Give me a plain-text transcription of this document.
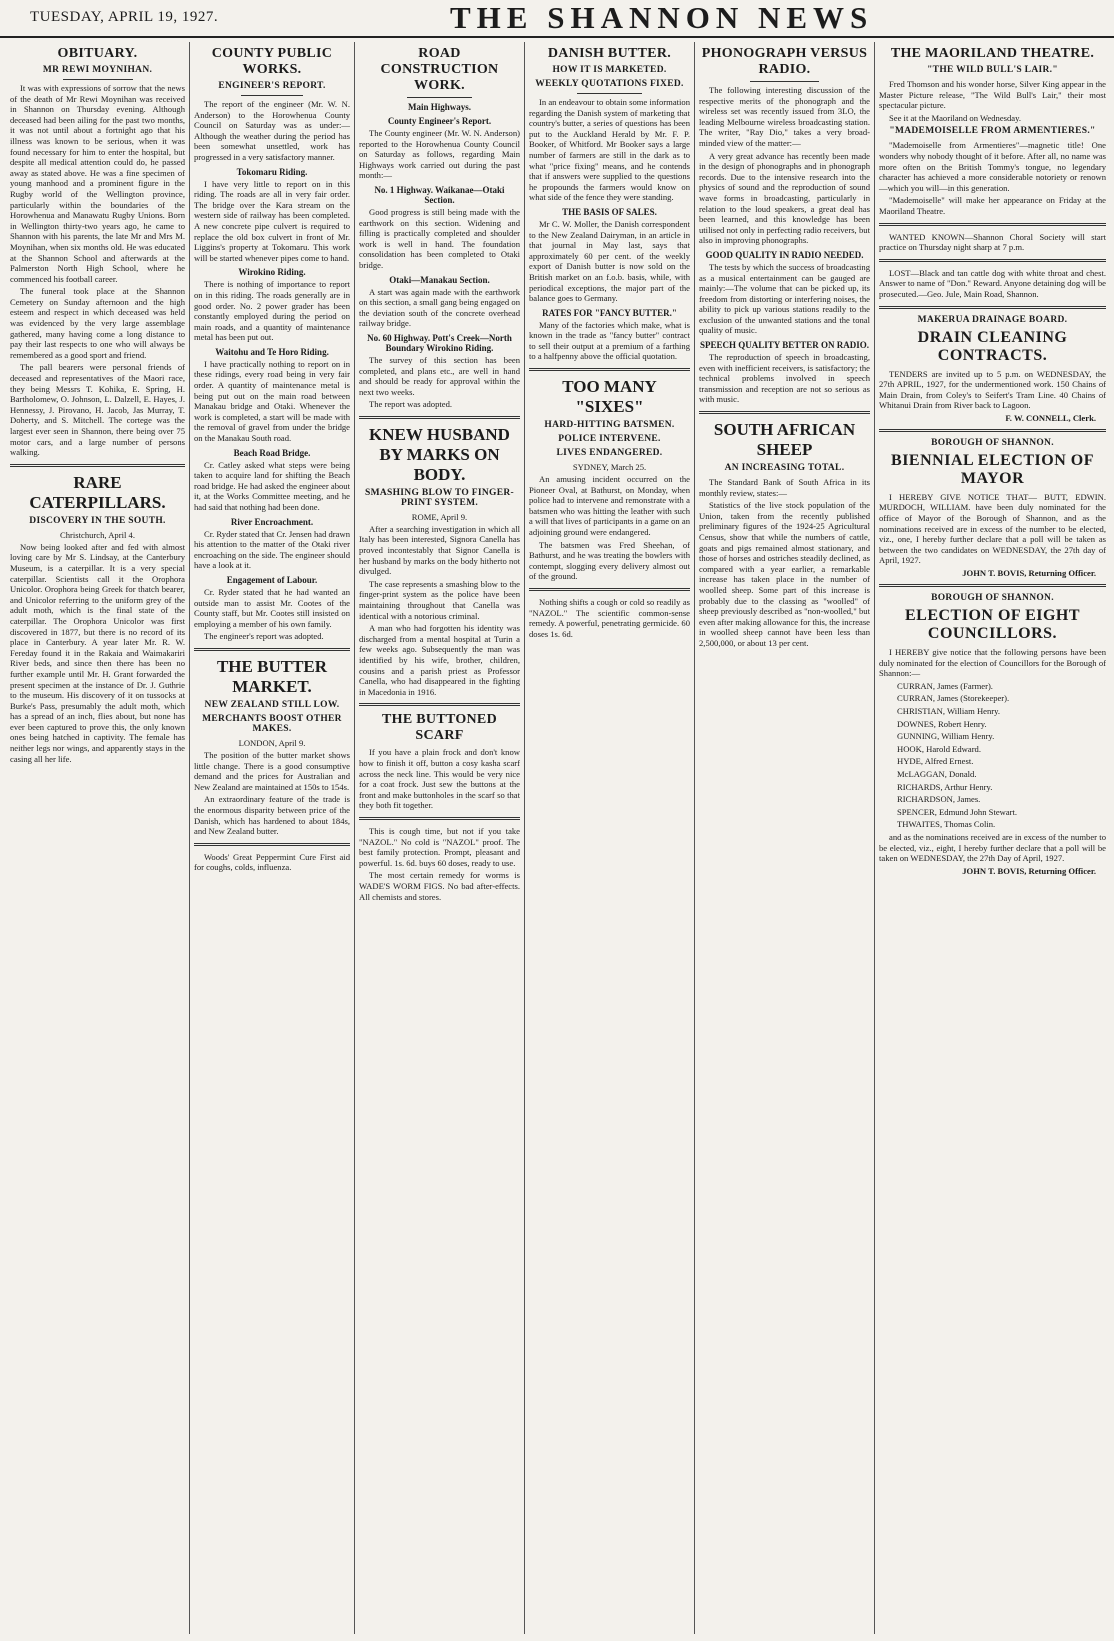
TUESDAY, APRIL 19, 1927.	THE SHANNON NEWS
OBITUARY.
MR REWI MOYNIHAN.

It was with expressions of sorrow that the news of the death of Mr Rewi Moynihan was received in Shannon on Thursday evening. Although deceased had been ailing for the past two months, it was not until about a fortnight ago that his illness was known to be serious, when it was found necessary for him to enter the hospital, but despite all medical attention could do, he passed away as stated above. He was a fine specimen of young manhood and a prominent figure in the Rugby world of the Wellington province, particularly within the boundaries of the Horowhenua and Manawatu Rugby Unions. Born in Wellington thirty-two years ago, he came to Shannon with his parents, the late Mr and Mrs M. Moynihan, when six months old. He was educated at the Shannon School and afterwards at the Palmerston North High School, where he commenced his football career.

The funeral took place at the Shannon Cemetery on Sunday afternoon and the high esteem and respect in which deceased was held was evidenced by the very large assemblage gathered, many having come a long distance to pay their last respects to one who will always be remembered as a good sport and friend.

The pall bearers were personal friends of deceased and representatives of the Maori race, they being Messrs T. Kohika, E. Spring, H. Bartholomew, O. Johnson, L. Dalzell, E. Hayes, J. Hennessy, J. Pirovano, H. Jacob, Jas Murray, T. Doherty, and S. Mitchell. The cortege was the largest ever seen in Shannon, there being over 75 motor cars, and a large number of persons walking.

RARE CATERPILLARS.
DISCOVERY IN THE SOUTH.
Christchurch, April 4.

Now being looked after and fed with almost loving care by Mr S. Lindsay, at the Canterbury Museum, is a caterpillar. It is a very special caterpillar. Scientists call it the Orophora Unicolor. Orophora being Greek for thatch bearer, and Unicolor referring to the uniform grey of the adult moth, which is the final state of the caterpillar. The Orophora Unicolor was first discovered in 1877, but there is no record of its place in Canterbury. A year later Mr. R. W. Fereday found it in the Rakaia and Waimakariri River beds, and since then there has been no further example until Mr. H. Grant forwarded the present specimen at the instance of Dr. J. Guthrie to the museum. His discovery of it on tussocks at Burke's Pass, presumably the adult moth, which has a spread of an inch, flies about, but none has ever been captured to prove this, the only known ones being hatched in captivity. The female has neither legs nor wings, and apparently stays in the casing all her life.

COUNTY PUBLIC WORKS.
ENGINEER'S REPORT.

The report of the engineer (Mr. W. N. Anderson) to the Horowhenua County Council on Saturday was as under:— Although the weather during the period has been somewhat unsettled, work has progressed in a very satisfactory manner.

Tokomaru Riding.

I have very little to report on in this riding. The roads are all in very fair order. The bridge over the Kara stream on the western side of railway has been completed. A new concrete pipe culvert is required to replace the old box culvert in front of Mr. Liggins's property at Tokomaru. This work will be started whenever pipes come to hand.

Wirokino Riding.

There is nothing of importance to report on in this riding. The roads generally are in good order. No. 2 power grader has been constantly employed during the period on main roads, and a quantity of maintenance metal has been put out.

Waitohu and Te Horo Riding.

I have practically nothing to report on in these ridings, every road being in very fair order. A quantity of maintenance metal is being put out on the main road between Manakau bridge and Otaki. Whenever the work is completed, a start will be made with the removal of gravel from under the bridge on the Manakau South road.

Beach Road Bridge.

Cr. Catley asked what steps were being taken to acquire land for shifting the Beach road bridge. He had asked the engineer about it, at the Works Committee meeting, and he had said that nothing had been done.

River Encroachment.

Cr. Ryder stated that Cr. Jensen had drawn his attention to the matter of the Otaki river encroaching on the side. The engineer should have a look at it.

Engagement of Labour.

Cr. Ryder stated that he had wanted an outside man to assist Mr. Cootes of the County staff, but Mr. Cootes still insisted on employing a member of his own family.

The engineer's report was adopted.

THE BUTTER MARKET.
NEW ZEALAND STILL LOW.
MERCHANTS BOOST OTHER MAKES.
LONDON, April 9.

The position of the butter market shows little change. There is a good consumptive demand and the prices for Australian and New Zealand are maintained at 150s to 154s.

An extraordinary feature of the trade is the enormous disparity between price of the Danish, which has hardened to about 184s, and New Zealand butter.

Woods' Great Peppermint Cure First aid for coughs, colds, influenza.

ROAD CONSTRUCTION WORK.
Main Highways.
County Engineer's Report.

The County engineer (Mr. W. N. Anderson) reported to the Horowhenua County Council on Saturday as follows, regarding Main Highways work carried out during the past month:—

No. 1 Highway. Waikanae—Otaki Section.

Good progress is still being made with the earthwork on this section. Widening and filling is practically completed and shoulder work is well in hand. The foundation consolidation has been completed to Otaki bridge.

Otaki—Manakau Section.

A start was again made with the earthwork on this section, a small gang being engaged on the deviation south of the concrete overhead railway bridge.

No. 60 Highway. Pott's Creek—North Boundary Wirokino Riding.

The survey of this section has been completed, and plans etc., are well in hand and should be ready for approval within the next two weeks.

The report was adopted.

KNEW HUSBAND BY MARKS ON BODY.
SMASHING BLOW TO FINGER-PRINT SYSTEM.
ROME, April 9.

After a searching investigation in which all Italy has been interested, Signora Canella has proved incontestably that Signor Canella is her husband by marks on the body hitherto not divulged.

The case represents a smashing blow to the finger-print system as the police have been maintaining throughout that Canella was identical with a notorious criminal.

A man who had forgotten his identity was discharged from a mental hospital at Turin a few weeks ago. Subsequently the man was identified by his wife, brother, children, cousins and a parish priest as Professor Canella, who had disappeared in the fighting in Macedonia in 1916.

THE BUTTONED SCARF

If you have a plain frock and don't know how to finish it off, button a cosy kasha scarf across the neck line. This would be very nice for a coat frock. Just sew the buttons at the front and make buttonholes in the scarf so that they both fit together.

This is cough time, but not if you take "NAZOL." No cold is "NAZOL" proof. The best family protection. Prompt, pleasant and powerful. 1s. 6d. buys 60 doses, ready to use.

The most certain remedy for worms is WADE'S WORM FIGS. No bad after-effects. All chemists and stores.

DANISH BUTTER.
HOW IT IS MARKETED.
WEEKLY QUOTATIONS FIXED.

In an endeavour to obtain some information regarding the Danish system of marketing that country's butter, a series of questions has been put to the Auckland Herald by Mr. F. P. Booker, of Whitford. Mr Booker says a large number of farmers are still in the dark as to what "price fixing" means, and he contends that if answers were supplied to the questions he propounds the farmers would know on what side of the fence they were standing.

THE BASIS OF SALES.

Mr C. W. Moller, the Danish correspondent to the New Zealand Dairyman, in an article in that journal in May last, says that approximately 60 per cent. of the weekly export of Danish butter is now sold on the British market on an f.o.b. basis, while, with periodical exceptions, the major part of the balance goes to Germany.

RATES FOR "FANCY BUTTER."

Many of the factories which make, what is known in the trade as "fancy butter" contract to sell their output at a premium of a farthing to a halfpenny above the official quotation.

TOO MANY "SIXES"
HARD-HITTING BATSMEN.
POLICE INTERVENE.
LIVES ENDANGERED.
SYDNEY, March 25.

An amusing incident occurred on the Pioneer Oval, at Bathurst, on Monday, when police had to intervene and remonstrate with a batsmen who was hitting the leather with such a will that lives of participants in a game on an adjoining ground were endangered.

The batsmen was Fred Sheehan, of Bathurst, and he was treating the bowlers with contempt, slogging every delivery almost out of the ground.

Nothing shifts a cough or cold so readily as "NAZOL." The scientific common-sense remedy. A powerful, penetrating germicide. 60 doses 1s. 6d.

PHONOGRAPH VERSUS RADIO.

The following interesting discussion of the respective merits of the phonograph and the wireless set was recently issued from 3LO, the leading Melbourne wireless broadcasting station. The writer, "Ray Dio," takes a very broad-minded view of the matter:—

A very great advance has recently been made in the design of phonographs and in phonograph records. Due to the intensive research into the physics of sound and the reproduction of sound wave forms in broadcasting, particularly in relation to the loud speakers, a great deal has been learned, and this knowledge has been utilised not only in perfecting radio receivers, but also in improving phonographs.

GOOD QUALITY IN RADIO NEEDED.

The tests by which the success of broadcasting as a musical entertainment can be gauged are mainly:—The volume that can be picked up, its freedom from distorting or interfering noises, the ability to pick up various stations readily to the exclusion of the unwanted stations and the tonal quality of music.

SPEECH QUALITY BETTER ON RADIO.

The reproduction of speech in broadcasting, even with inefficient receivers, is satisfactory; the technical problems involved in speech transmission and reception are not so serious as with music.

SOUTH AFRICAN SHEEP
AN INCREASING TOTAL.

The Standard Bank of South Africa in its monthly review, states:—

Statistics of the live stock population of the Union, taken from the recently published preliminary figures of the 1924-25 Agricultural Census, show that while the numbers of cattle, goats and pigs remained almost stationary, and those of horses and ostriches steadily declined, as compared with a year earlier, a remarkable increase has taken place in the number of woolled sheep. Some part of this increase is probably due to the classing as "woolled" of sheep previously described as "non-woolled," but even after making allowance for this, the increase in woolled sheep cannot have been less than 2,500,000, or about 13 per cent.

THE MAORILAND THEATRE.
"THE WILD BULL'S LAIR."

Fred Thomson and his wonder horse, Silver King appear in the Master Picture release, "The Wild Bull's Lair," their most spectacular picture.

See it at the Maoriland on Wednesday.

"MADEMOISELLE FROM ARMENTIERES."

"Mademoiselle from Armentieres"—magnetic title! One wonders why nobody thought of it before. After all, no name was more often on the British Tommy's tongue, no legendary character has achieved a more considerable notoriety or renown—which you will—in this generation.

"Mademoiselle" will make her appearance on Friday at the Maoriland Theatre.

WANTED KNOWN—Shannon Choral Society will start practice on Thursday night sharp at 7 p.m.

LOST—Black and tan cattle dog with white throat and chest. Answer to name of "Don." Reward. Anyone detaining dog will be prosecuted.—Geo. Jule, Main Road, Shannon.

MAKERUA DRAINAGE BOARD.
DRAIN CLEANING CONTRACTS.

TENDERS are invited up to 5 p.m. on WEDNESDAY, the 27th APRIL, 1927, for the undermentioned work. 150 Chains of Main Drain, from Coley's to Seifert's Tram Line. 40 Chains of Whitanui Drain from River back to Lagoon.

F. W. CONNELL, Clerk.
BOROUGH OF SHANNON.
BIENNIAL ELECTION OF MAYOR

I HEREBY GIVE NOTICE THAT— BUTT, EDWIN. MURDOCH, WILLIAM. have been duly nominated for the office of Mayor of the Borough of Shannon, and as the nominations received are in excess of the number to be elected, viz., one, I hereby further declare that a poll will be taken as between the two candidates on WEDNESDAY, the 27th day of April, 1927.

JOHN T. BOVIS, Returning Officer.
BOROUGH OF SHANNON.
ELECTION OF EIGHT COUNCILLORS.

I HEREBY give notice that the following persons have been duly nominated for the election of Councillors for the Borough of Shannon:—

CURRAN, James (Farmer).

CURRAN, James (Storekeeper).

CHRISTIAN, William Henry.

DOWNES, Robert Henry.

GUNNING, William Henry.

HOOK, Harold Edward.

HYDE, Alfred Ernest.

McLAGGAN, Donald.

RICHARDS, Arthur Henry.

RICHARDSON, James.

SPENCER, Edmund John Stewart.

THWAITES, Thomas Colin.

and as the nominations received are in excess of the number to be elected, viz., eight, I hereby further declare that a poll will be taken on WEDNESDAY, the 27th Day of April, 1927.

JOHN T. BOVIS, Returning Officer.
